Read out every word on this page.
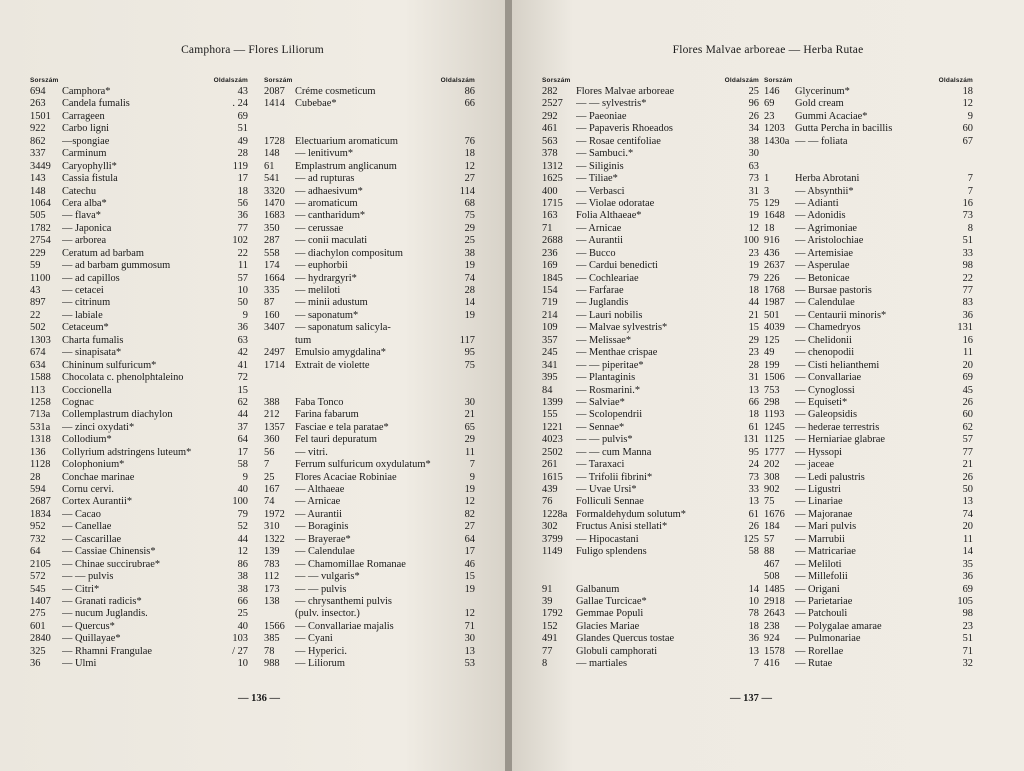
Camphora — Flores Liliorum
Sorszám	Oldalszám
694	Camphora*	43
263	Candela fumalis	. 24
1501	Carrageen	69
922	Carbo ligni	51
862	—spongiae	49
337	Carminum	28
3449	Caryophylli*	119
143	Cassia fistula	17
148	Catechu	18
1064	Cera alba*	56
505	— flava*	36
1782	— Japonica	77
2754	— arborea	102
229	Ceratum ad barbam	22
59	— ad barbam gummosum	11
1100	— ad capillos	57
43	— cetacei	10
897	— citrinum	50
22	— labiale	9
502	Cetaceum*	36
1303	Charta fumalis	63
674	— sinapisata*	42
634	Chininum sulfuricum*	41
1588	Chocolata c. phenolphtaleino	72
113	Coccionella	15
1258	Cognac	62
713a	Collemplastrum diachylon	44
531a	— zinci oxydati*	37
1318	Collodium*	64
136	Collyrium adstringens luteum*	17
1128	Colophonium*	58
28	Conchae marinae	9
594	Cornu cervi.	40
2687	Cortex Aurantii*	100
1834	— Cacao	79
952	— Canellae	52
732	— Cascarillae	44
64	— Cassiae Chinensis*	12
2105	— Chinae succirubrae*	86
572	— — pulvis	38
545	— Citri*	38
1407	— Granati radicis*	66
275	— nucum Juglandis.	25
601	— Quercus*	40
2840	— Quillayae*	103
325	— Rhamni Frangulae	/ 27
36	— Ulmi	10
Sorszám	Oldalszám
2087 Créme cosmeticum	86
1414 Cubebae*	66
1728 Electuarium aromaticum	76
148	— lenitivum*	18
61	Emplastrum anglicanum	12
541	— ad rupturas	27
3320 — adhaesivum*	114
1470 — aromaticum	68
1683 — cantharidum*	75
350	— cerussae	29
287	— conii maculati	25
558	— diachylon compositum	38
174	— euphorbii	19
1664 — hydrargyri*	74
335	— meliloti	28
87	— minii adustum	14
160	— saponatum*	19
3407 — saponatum salicyla-
tum	117
2497 Emulsio amygdalina*	95
1714 Extrait de violette	75
388	Faba Tonco	30
212	Farina fabarum	21
1357 Fasciae e tela paratae*	65
360	Fel tauri depuratum	29
56	— vitri.	11
7	Ferrum sulfuricum oxydulatum*	7
25	Flores Acaciae Robiniae	9
167	— Althaeae	19
74	— Arnicae	12
1972 — Aurantii	82
310	— Boraginis	27
1322 — Brayerae*	64
139	— Calendulae	17
783	— Chamomillae Romanae	46
112	— — vulgaris*	15
173	— — pulvis	19
138	— chrysanthemi pulvis
(pulv. insector.)	12
1566 — Convallariae majalis	71
385	— Cyani	30
78	— Hyperici.	13
988	— Liliorum	53
— 136 —
Flores Malvae arboreae — Herba Rutae
Sorszám	Oldalszám
282	Flores Malvae arboreae	25
2527	— — sylvestris*	96
292	— Paeoniae	26
461	— Papaveris Rhoeados	34
563	— Rosae centifoliae	38
378	— Sambuci.*	30
1312	— Siliginis	63
1625	— Tiliae*	73
400	— Verbasci	31
1715	— Violae odoratae	75
163	Folia Althaeae*	19
71	— Arnicae	12
2688	— Aurantii	100
236	— Bucco	23
169	— Cardui benedicti	19
1845	— Cochleariae	79
154	— Farfarae	18
719	— Juglandis	44
214	— Lauri nobilis	21
109	— Malvae sylvestris*	15
357	— Melissae*	29
245	— Menthae crispae	23
341	— — piperitae*	28
395	— Plantaginis	31
84	— Rosmarini.*	13
1399	— Salviae*	66
155	— Scolopendrii	18
1221	— Sennae*	61
4023	— — pulvis*	131
2502	— — cum Manna	95
261	— Taraxaci	24
1615	— Trifolii fibrini*	73
439	— Uvae Ursi*	33
76	Folliculi Sennae	13
1228a Formaldehydum solutum*	61
302	Fructus Anisi stellati*	26
3799	— Hipocastani	125
1149	Fuligo splendens	58
91	Galbanum	14
39	Gallae Turcicae*	10
1792	Gemmae Populi	78
152	Glacies Mariae	18
491	Glandes Quercus tostae	36
77	Globuli camphorati	13
8	— martiales	7
Sorszám	Oldalszám
146	Glycerinum*	18
69	Gold cream	12
23	Gummi Acaciae*	9
1203 Gutta Percha in bacillis	60
1430a — — foliata	67
1	Herba Abrotani	7
3	— Absynthii*	7
129	— Adianti	16
1648 — Adonidis	73
18	— Agrimoniae	8
916	— Aristolochiae	51
436	— Artemisiae	33
2637 — Asperulae	98
226	— Betonicae	22
1768 — Bursae pastoris	77
1987 — Calendulae	83
501	— Centaurii minoris*	36
4039 — Chamedryos	131
125	— Chelidonii	16
49	— chenopodii	11
199	— Cisti helianthemi	20
1506 — Convallariae	69
753	— Cynoglossi	45
298	— Equiseti*	26
1193	— Galeopsidis	60
1245 — hederae terrestris	62
1125	— Herniariae glabrae	57
1777 — Hyssopi	77
202	— jaceae	21
308	— Ledi palustris	26
902	— Ligustri	50
75	— Linariae	13
1676 — Majoranae	74
184	— Mari pulvis	20
57	— Marrubii	11
88	— Matricariae	14
467	— Meliloti	35
508	— Millefolii	36
1485 — Origani	69
2918 — Parietariae	105
2643 — Patchouli	98
238	— Polygalae amarae	23
924	— Pulmonariae	51
1578 — Rorellae	71
416	— Rutae	32
— 137 —
